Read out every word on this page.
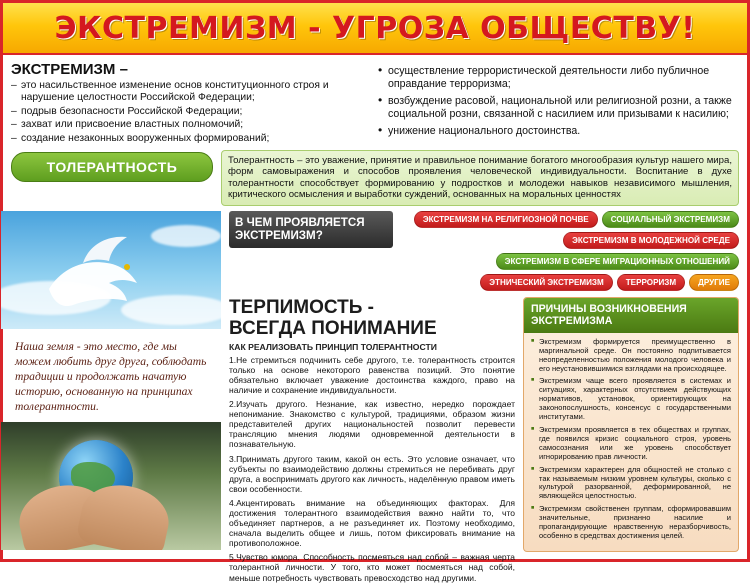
ЭКСТРЕМИЗМ - УГРОЗА ОБЩЕСТВУ!
ЭКСТРЕМИЗМ –
– это насильственное изменение основ конституционного строя и нарушение целостности Российской Федерации;
– подрыв безопасности Российской Федерации;
– захват или присвоение властных полномочий;
– создание незаконных вооруженных формирований;
• осуществление террористической деятельности либо публичное оправдание терроризма;
• возбуждение расовой, национальной или религиозной розни, а также социальной розни, связанной с насилием или призывами к насилию;
• унижение национального достоинства.
ТОЛЕРАНТНОСТЬ	Толерантность – это уважение, принятие и правильное понимание богатого многообразия культур нашего мира, форм самовыражения и способов проявления человеческой индивидуальности. Воспитание в духе толерантности способствует формированию у подростков и молодежи навыков независимого мышления, критического осмысления и выработки суждений, основанных на моральных ценностях
Наша земля - это место, где мы можем любить друг друга, соблюдать традиции и продолжать начатую историю, основанную на принципах толерантности.
В ЧЕМ ПРОЯВЛЯЕТСЯ ЭКСТРЕМИЗМ?
ЭКСТРЕМИЗМ НА РЕЛИГИОЗНОЙ ПОЧВЕ	СОЦИАЛЬНЫЙ ЭКСТРЕМИЗМ
ЭКСТРЕМИЗМ В МОЛОДЕЖНОЙ СРЕДЕ
ЭКСТРЕМИЗМ В СФЕРЕ МИГРАЦИОННЫХ ОТНОШЕНИЙ
ЭТНИЧЕСКИЙ ЭКСТРЕМИЗМ	ТЕРРОРИЗМ	ДРУГИЕ
ТЕРПИМОСТЬ -
ВСЕГДА ПОНИМАНИЕ
КАК РЕАЛИЗОВАТЬ ПРИНЦИП ТОЛЕРАНТНОСТИ

1.Не стремиться подчинить себе другого, т.е. толерантность строится только на основе некоторого равенства позиций. Это понятие обязательно включает уважение достоинства каждого, право на наличие и сохранение индивидуальности.

2.Изучать другого. Незнание, как известно, нередко порождает непонимание. Знакомство с культурой, традициями, образом жизни представителей других национальностей позволит перевести трансляцию мнения людями одновременной деятельности в познавательную.

3.Принимать другого таким, какой он есть. Это условие означает, что субъекты по взаимодействию должны стремиться не перебивать друг друга, а воспринимать другого как личность, наделённую правом иметь свои особенности.

4.Акцентировать внимание на объединяющих факторах. Для достижения толерантного взаимодействия важно найти то, что объединяет партнеров, а не разъединяет их. Поэтому необходимо, сначала выделить общее и лишь, потом фиксировать внимание на противоположное.

5.Чувство юмора. Способность посмеяться над собой – важная черта толерантной личности. У того, кто может посмеяться над собой, меньше потребность чувствовать превосходство над другими.

ПРИЧИНЫ ВОЗНИКНОВЕНИЯ ЭКСТРЕМИЗМА
■ Экстремизм формируется преимущественно в маргинальной среде. Он постоянно подпитывается неопределенностью положения молодого человека и его неустановившимися взглядами на происходящее.
■ Экстремизм чаще всего проявляется в системах и ситуациях, характерных отсутствием действующих нормативов, установок, ориентирующих на законопослушность, консенсус с государственными институтами.
■ Экстремизм проявляется в тех обществах и группах, где появился кризис социального строя, уровень самосознания или же уровень способствует игнорированию прав личности.
■ Экстремизм характерен для общностей не столько с так называемым низким уровнем культуры, сколько с культурой разорванной, деформированной, не являющейся целостностью.
■ Экстремизм свойственен группам, сформировавшим значительные, признанно насилие и пропагандирующие нравственную неразборчивость, особенно в средствах достижения целей.
